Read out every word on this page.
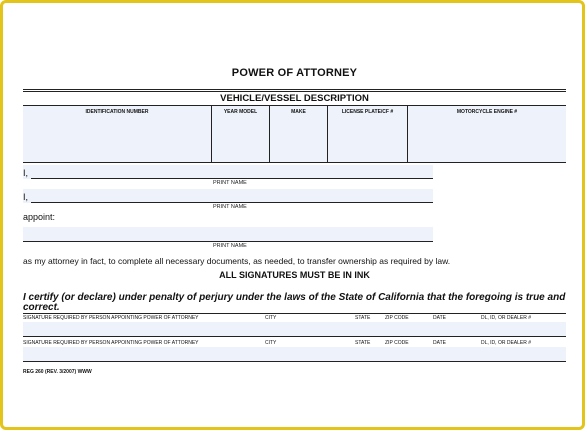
POWER OF ATTORNEY
VEHICLE/VESSEL DESCRIPTION
IDENTIFICATION NUMBER	YEAR MODEL	MAKE	LICENSE PLATE/CF #	MOTORCYCLE ENGINE #
I,
PRINT NAME
I,
PRINT NAME
appoint:
PRINT NAME
as my attorney in fact, to complete all necessary documents, as needed, to transfer ownership as required by law.
ALL SIGNATURES MUST BE IN INK
I certify (or declare) under penalty of perjury under the laws of the State of California that the foregoing is true and correct.
SIGNATURE REQUIRED BY PERSON APPOINTING POWER OF ATTORNEY	CITY	STATE	ZIP CODE	DATE	DL, ID, OR DEALER #
SIGNATURE REQUIRED BY PERSON APPOINTING POWER OF ATTORNEY	CITY	STATE	ZIP CODE	DATE	DL, ID, OR DEALER #
REG 260 (REV. 3/2007) WWW
